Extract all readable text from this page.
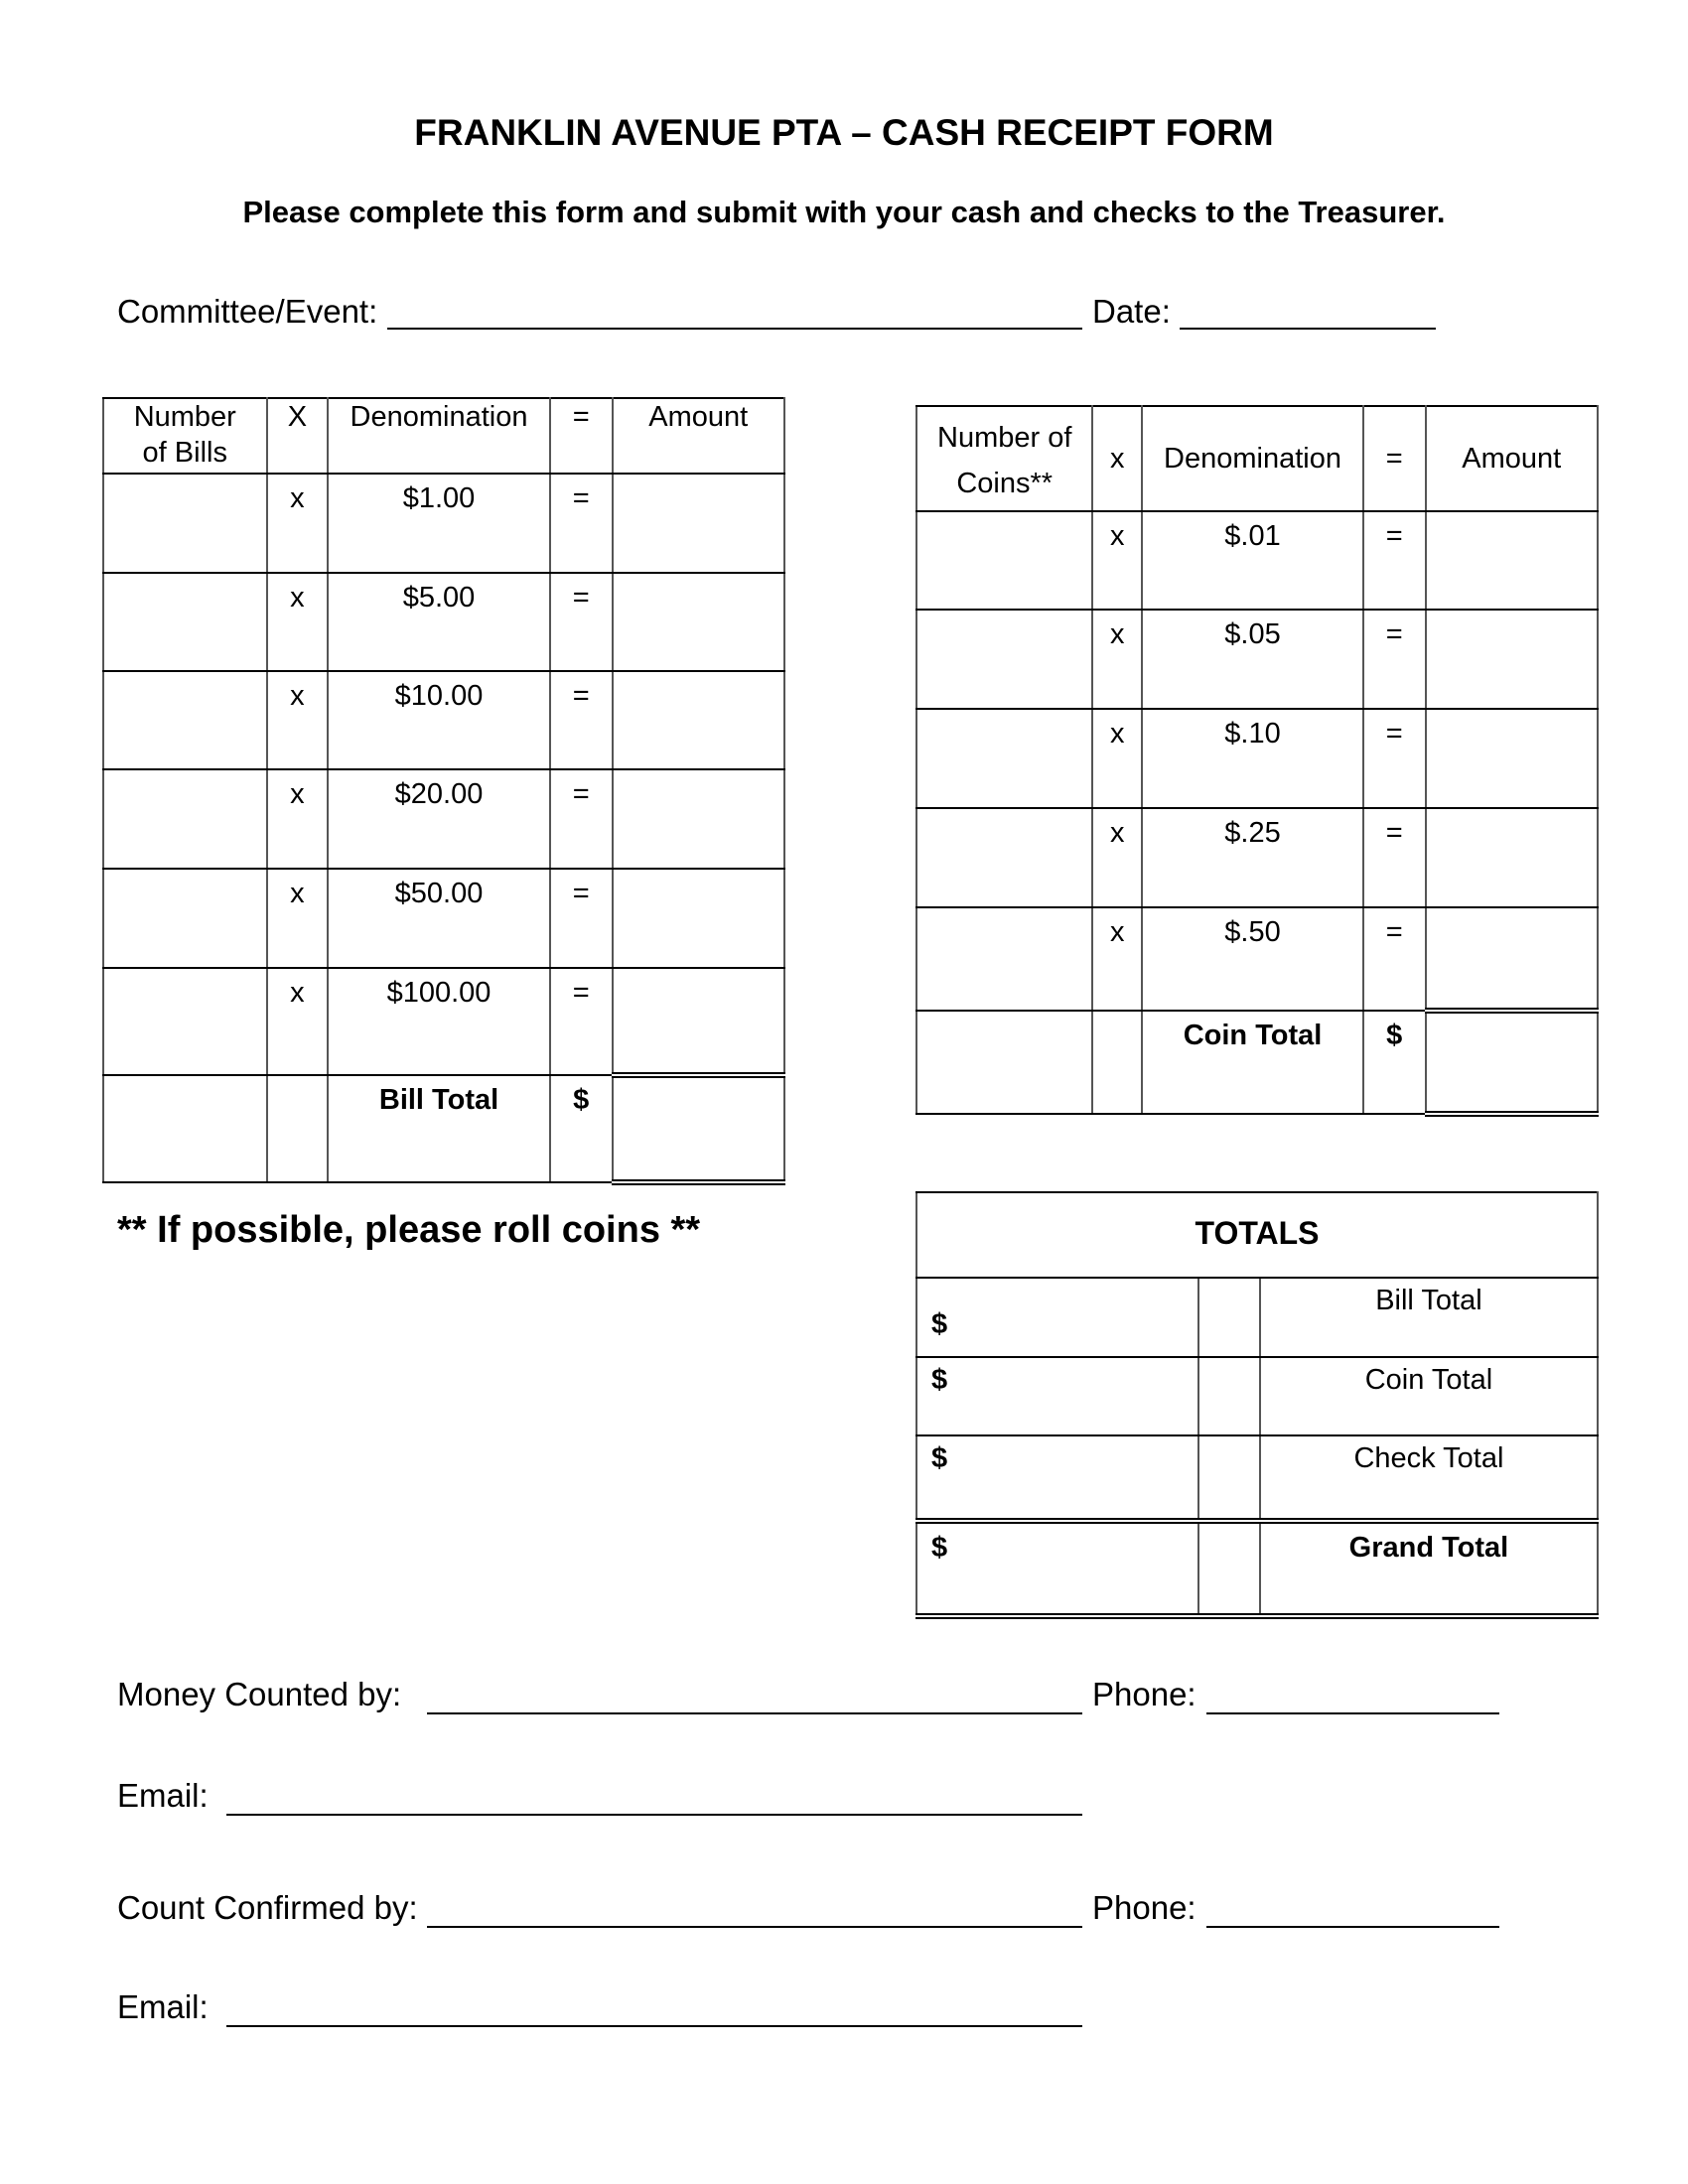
FRANKLIN AVENUE PTA – CASH RECEIPT FORM
Please complete this form and submit with your cash and checks to the Treasurer.
Committee/Event:	Date:
Number
of Bills	X	Denomination	=	Amount

	x	$1.00	=	

	x	$5.00	=	

	x	$10.00	=	

	x	$20.00	=	

	x	$50.00	=	

	x	$100.00	=	

		Bill Total	$	

Number of
Coins**	x	Denomination	=	Amount

	x	$.01	=	

	x	$.05	=	

	x	$.10	=	

	x	$.25	=	

	x	$.50	=	

		Coin Total	$	

** If possible, please roll coins **	TOTALS		
$		Bill Total
$		Coin Total
$		Check Total
$		Grand Total
Money Counted by:	Phone:
Email:
Count Confirmed by:	Phone:
Email:
